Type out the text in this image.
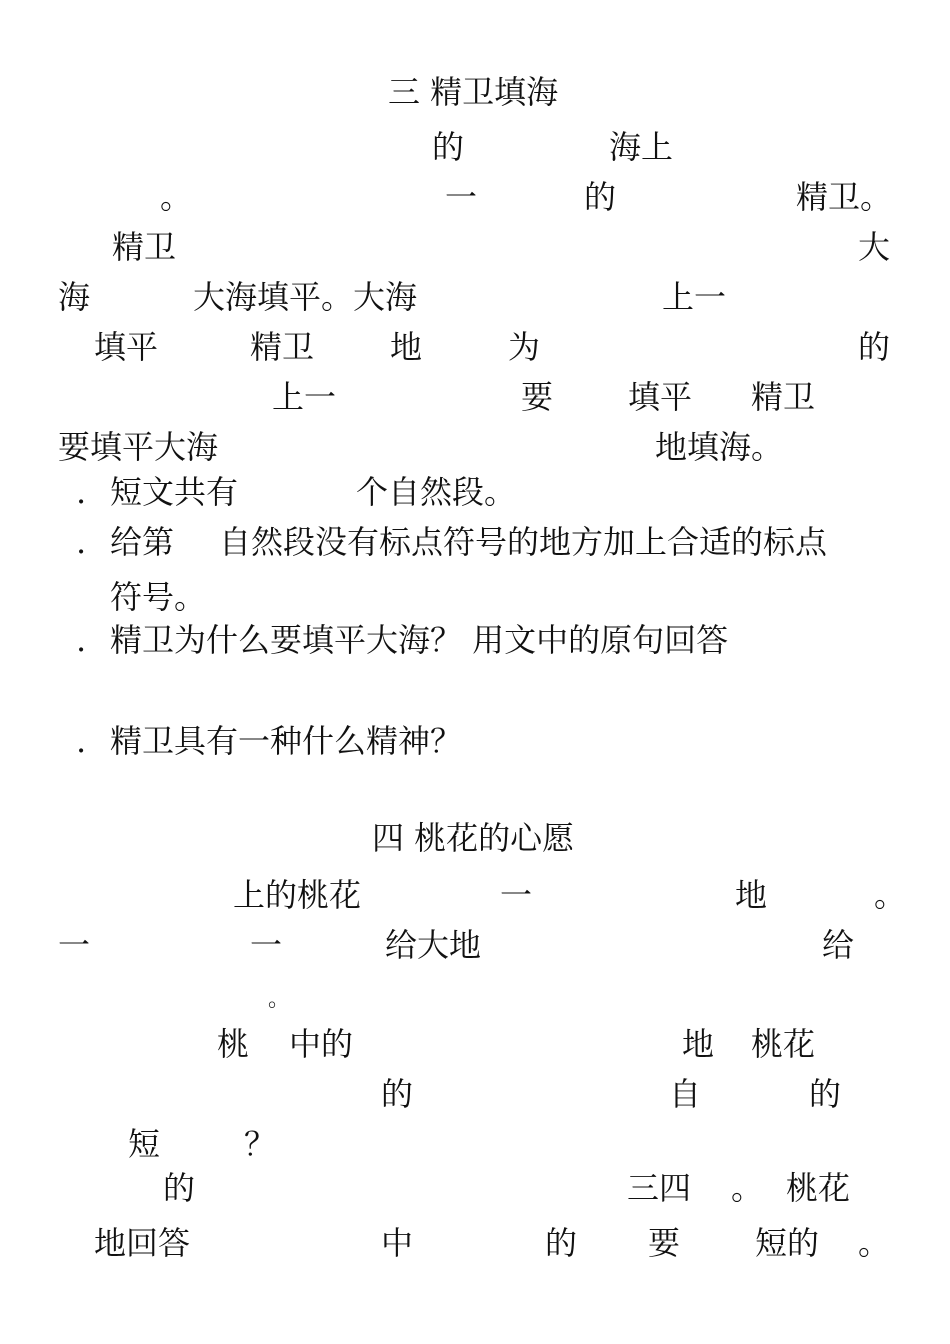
三 精卫填海
的	海上
。	一	的	精卫。
精卫	大
海	大海填平。大海	上一
填平	精卫 地	为	的
上一	要 填平 精卫
要填平大海	地填海。
. 短文共有	个自然段。
. 给第 自然段没有标点符号的地方加上合适的标点
符号。
. 精卫为什么要填平大海？ 用文中的原句回答
. 精卫具有一种什么精神？
四 桃花的心愿
上的桃花	一	地	。
一	一	给大地	给
。
桃 中的	地 桃花
的	自	的
短	？
的	三四 。 桃花
地回答	中	的 要 短的 。
